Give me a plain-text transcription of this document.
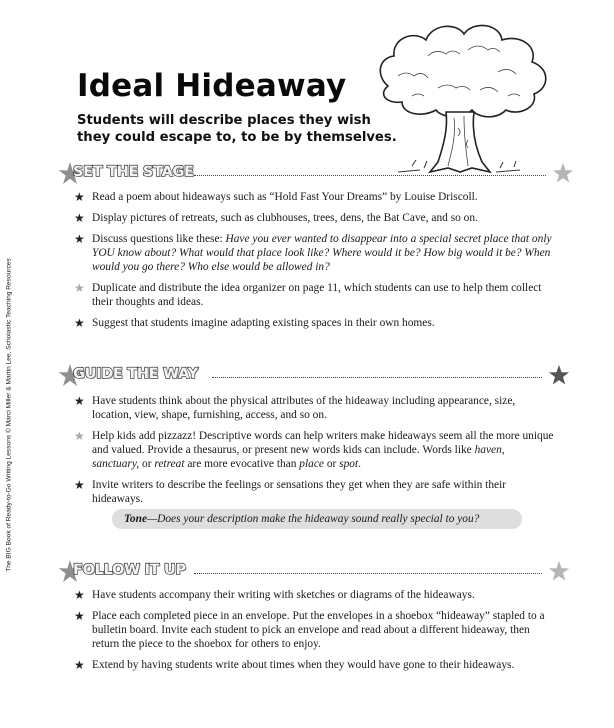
The BIG Book of Ready-to-Go Writing Lessons © Marci Miller & Martin Lee, Scholastic Teaching Resources
Ideal Hideaway
Students will describe places they wish they could escape to, to be by themselves.
SET THE STAGE
★ Read a poem about hideaways such as “Hold Fast Your Dreams” by Louise Driscoll.
★ Display pictures of retreats, such as clubhouses, trees, dens, the Bat Cave, and so on.
★ Discuss questions like these: Have you ever wanted to disappear into a special secret place that only YOU know about? What would that place look like? Where would it be? How big would it be? When would you go there? Who else would be allowed in?
★ Duplicate and distribute the idea organizer on page 11, which students can use to help them collect their thoughts and ideas.
★ Suggest that students imagine adapting existing spaces in their own homes.
GUIDE THE WAY
★ Have students think about the physical attributes of the hideaway including appearance, size, location, view, shape, furnishing, access, and so on.
★ Help kids add pizzazz! Descriptive words can help writers make hideaways seem all the more unique and valued. Provide a thesaurus, or present new words kids can include. Words like haven, sanctuary, or retreat are more evocative than place or spot.
★ Invite writers to describe the feelings or sensations they get when they are safe within their hideaways.
Tone—Does your description make the hideaway sound really special to you?
FOLLOW IT UP
★ Have students accompany their writing with sketches or diagrams of the hideaways.
★ Place each completed piece in an envelope. Put the envelopes in a shoebox “hideaway” stapled to a bulletin board. Invite each student to pick an envelope and read about a different hideaway, then return the piece to the shoebox for others to enjoy.
★ Extend by having students write about times when they would have gone to their hideaways.
